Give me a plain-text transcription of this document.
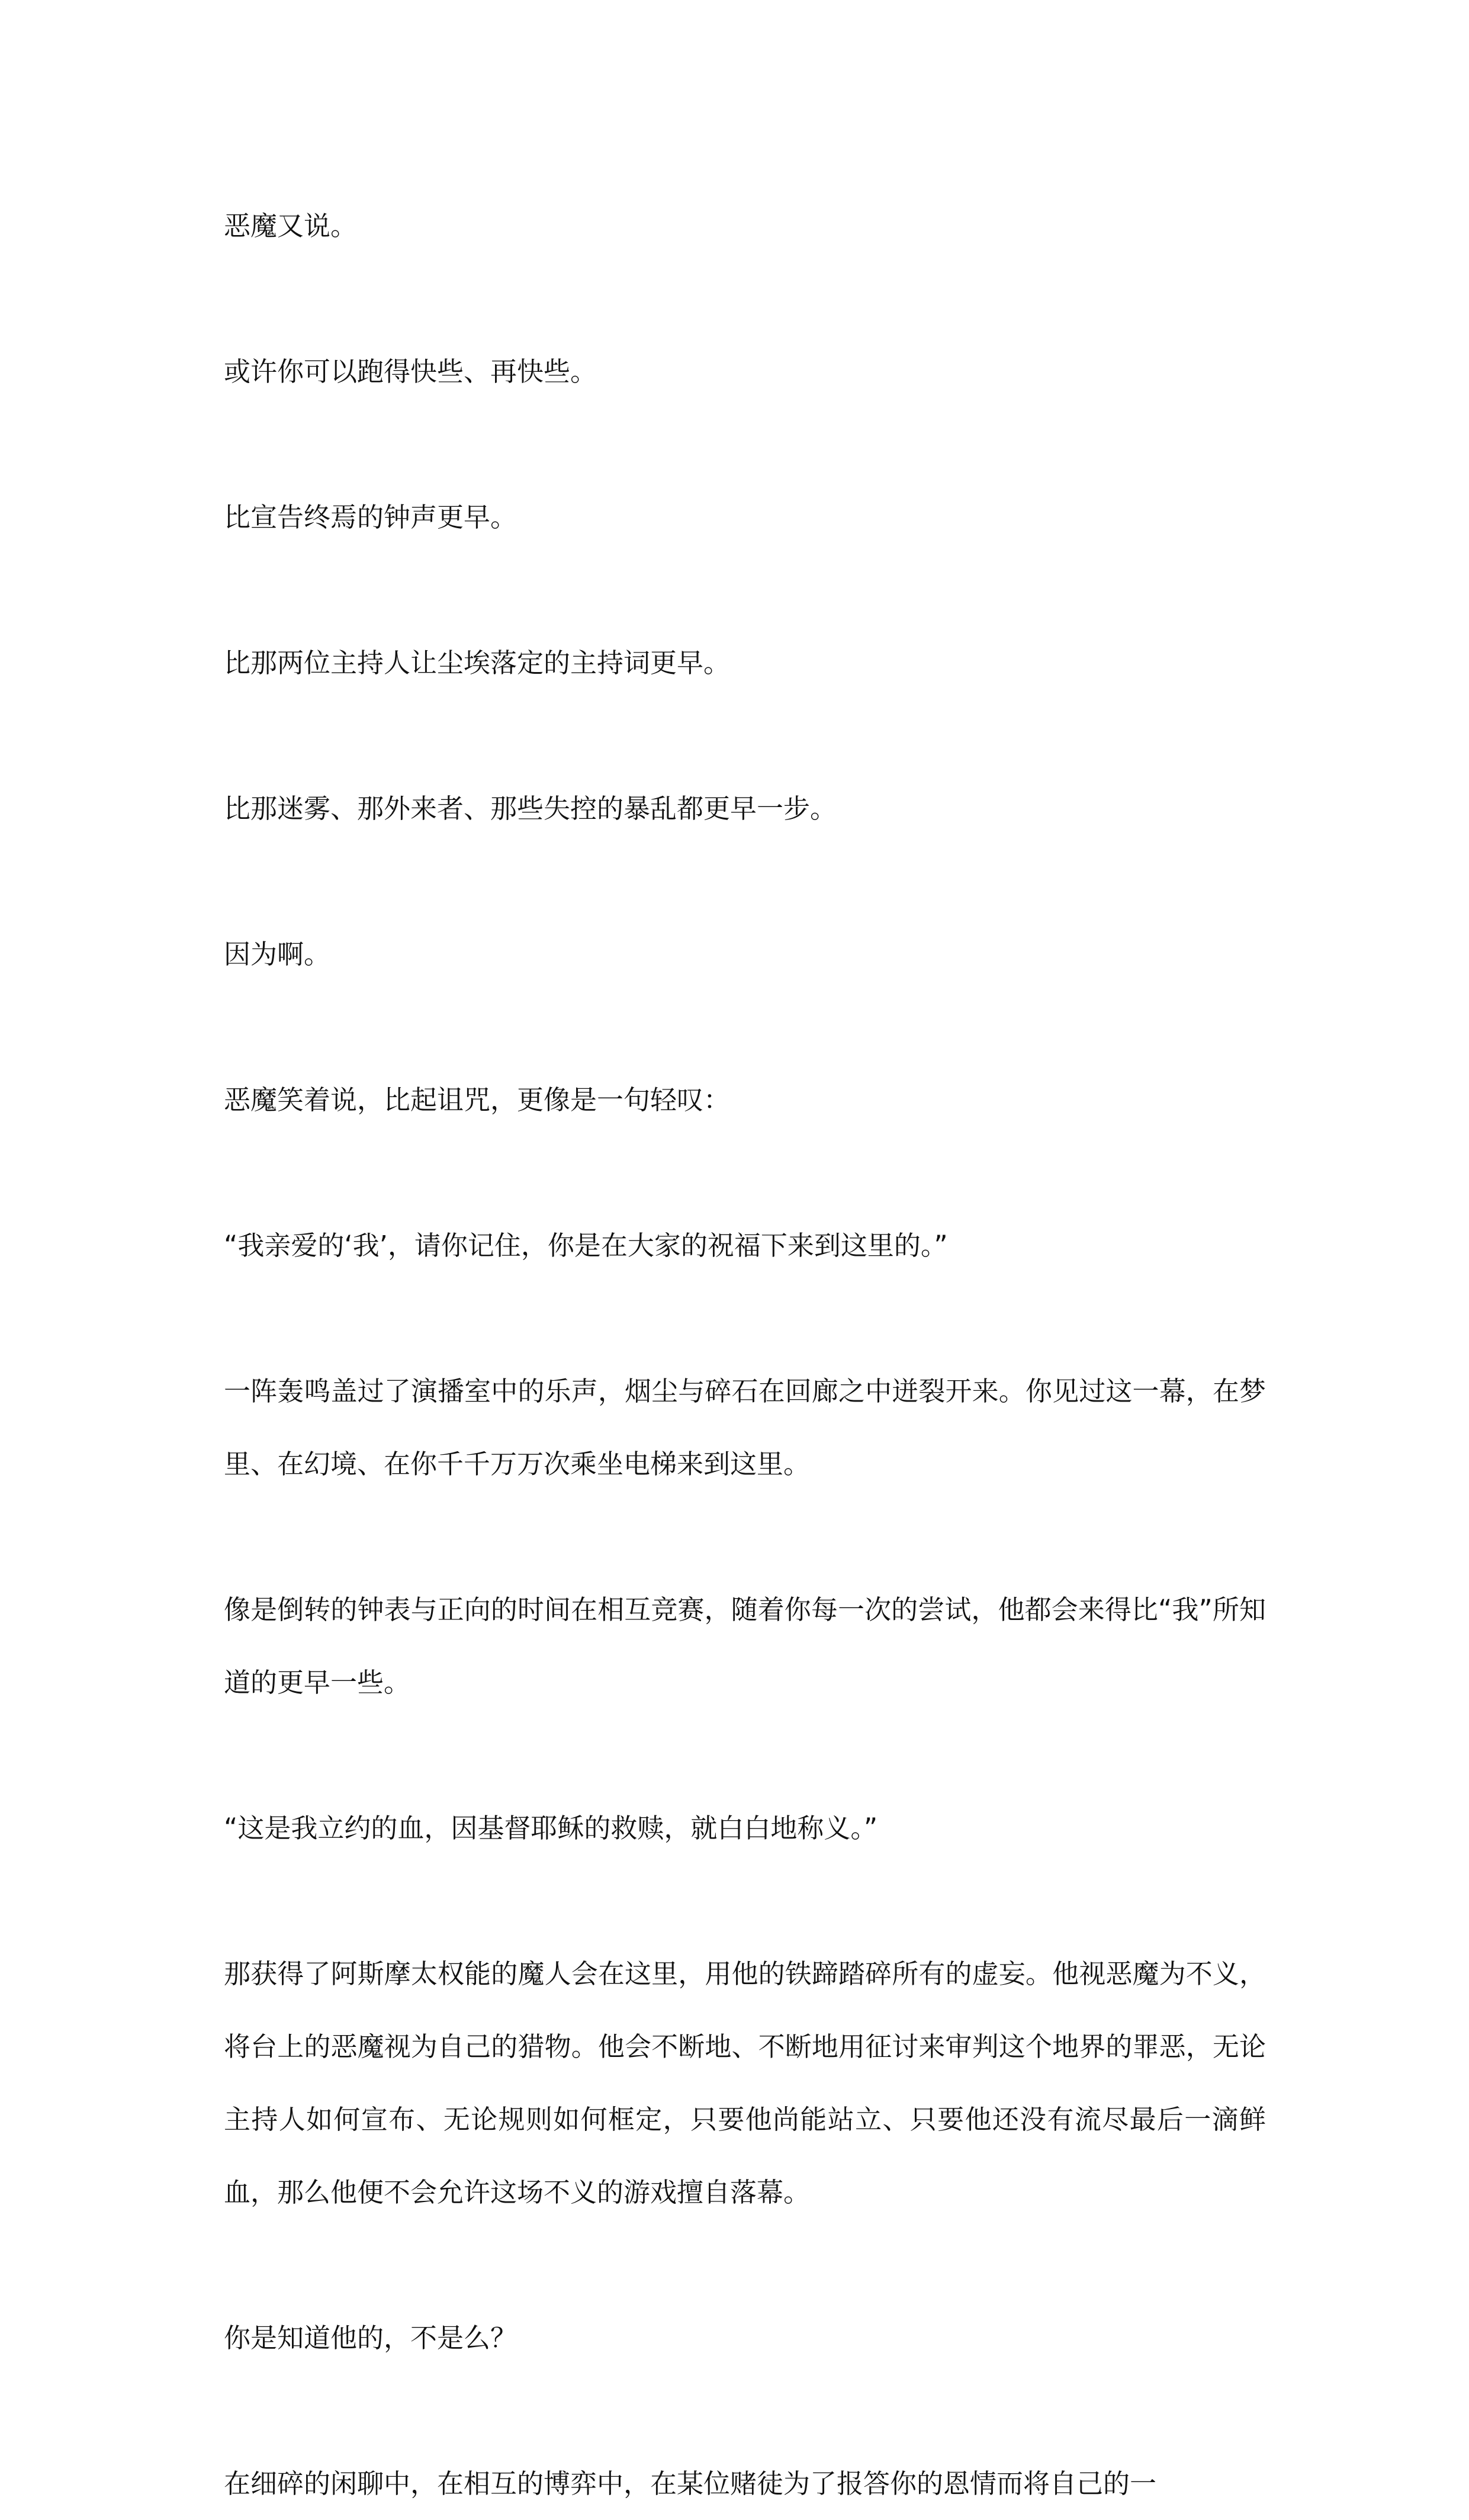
恶魔又说。

或许你可以跑得快些、再快些。

比宣告终焉的钟声更早。

比那两位主持人让尘埃落定的主持词更早。

比那迷雾、那外来者、那些失控的暴乱都更早一步。

因为啊。

恶魔笑着说，比起诅咒，更像是一句轻叹：

“我亲爱的‘我’，请你记住，你是在大家的祝福下来到这里的。”

一阵轰鸣盖过了演播室中的乐声，烟尘与碎石在回廊之中迸裂开来。你见过这一幕，在梦里、在幻境、在你千千万万次乘坐电梯来到这里。

像是倒转的钟表与正向的时间在相互竞赛，随着你每一次的尝试，他都会来得比“我”所知道的更早一些。

“这是我立约的血，因基督耶稣的救赎，就白白地称义。”

那获得了阿斯摩太权能的魔人会在这里，用他的铁蹄踏碎所有的虚妄。他视恶魔为不义，将台上的恶魔视为自己的猎物。他会不断地、不断地用征讨来审判这个地界的罪恶，无论主持人如何宣布、无论规则如何框定，只要他尚能站立、只要他还没有流尽最后一滴鲜血，那么他便不会允许这场不义的游戏擅自落幕。

你是知道他的，不是么？

在细碎的闲聊中，在相互的博弈中，在某位赌徒为了报答你的恩情而将自己的一
